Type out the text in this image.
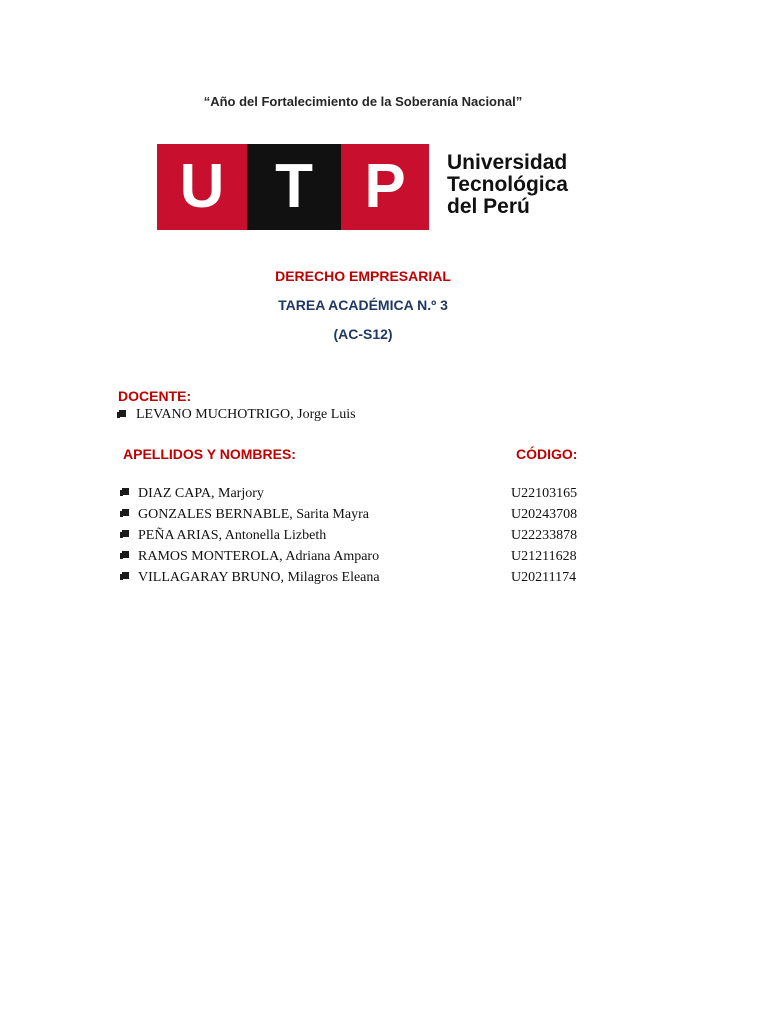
“Año del Fortalecimiento de la Soberanía Nacional”
U T P	Universidad
Tecnológica
del Perú
DERECHO EMPRESARIAL
TAREA ACADÉMICA N.º 3
(AC-S12)
DOCENTE:
LEVANO MUCHOTRIGO, Jorge Luis
APELLIDOS Y NOMBRES:	CÓDIGO:
DIAZ CAPA, Marjory	U22103165
GONZALES BERNABLE, Sarita Mayra	U20243708
PEÑA ARIAS, Antonella Lizbeth	U22233878
RAMOS MONTEROLA, Adriana Amparo	U21211628
VILLAGARAY BRUNO, Milagros Eleana	U20211174
